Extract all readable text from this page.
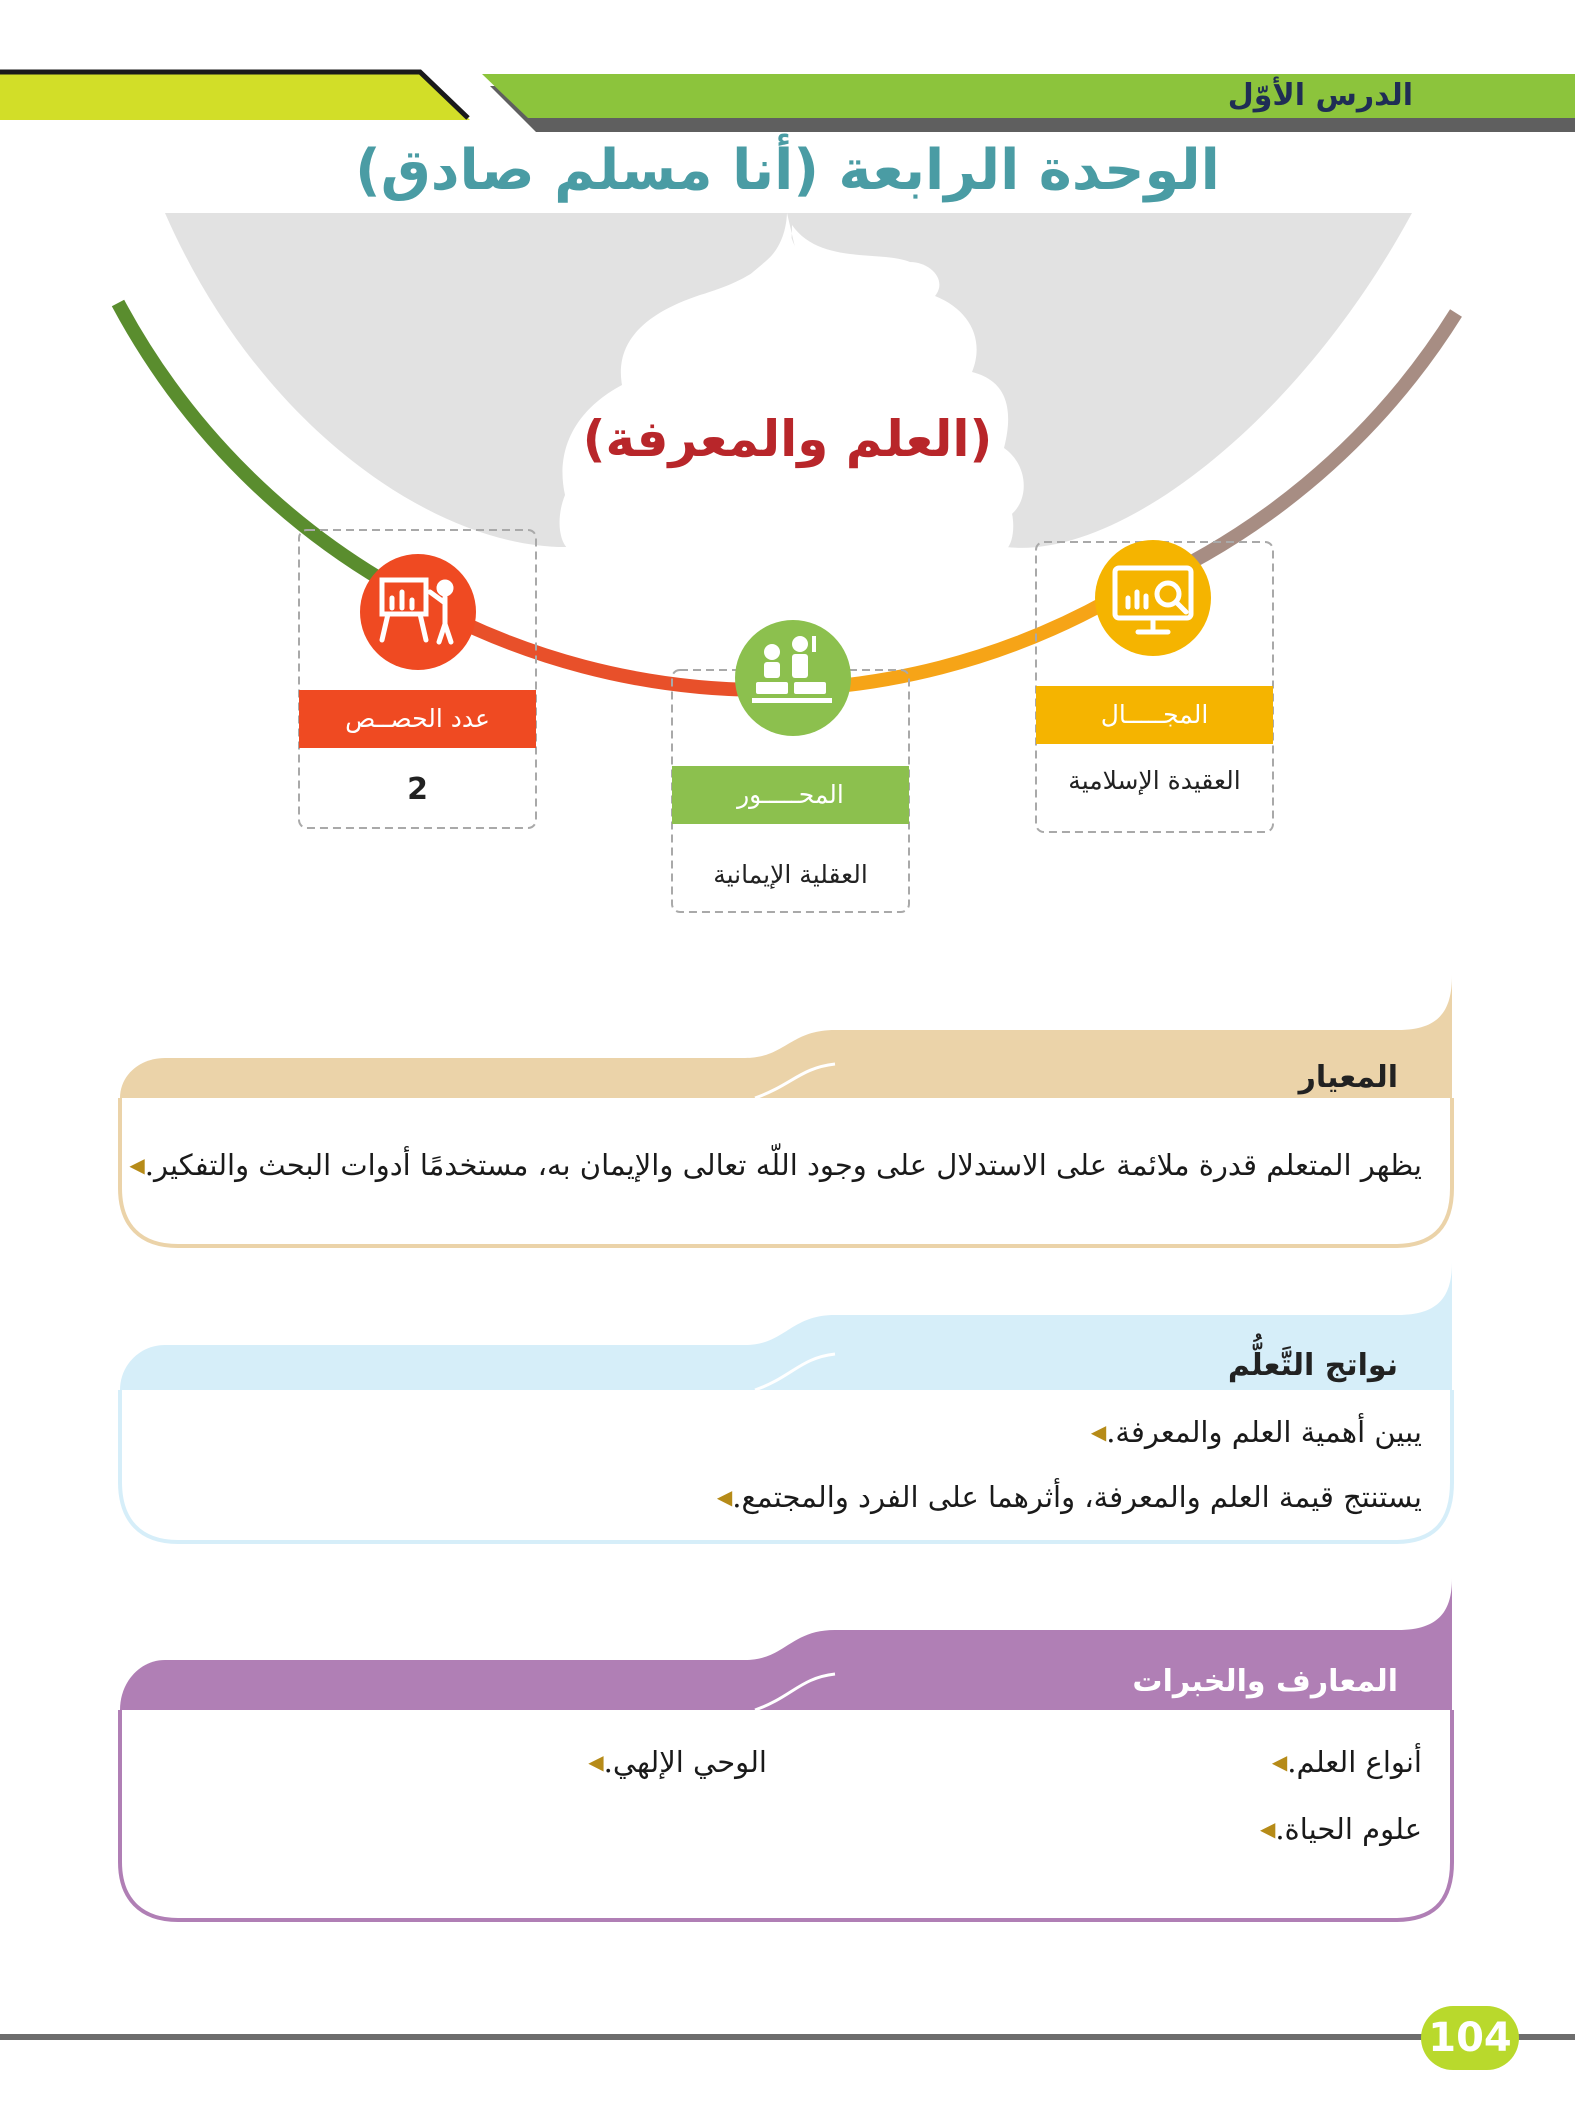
الدرس الأوّل
الوحدة الرابعة (أنا مسلم صادق)
(العلم والمعرفة)
عدد الحصــص
2	المحـــــور
العقلية الإيمانية
المجـــــال
العقيدة الإسلامية
المعيار
◀ يظهر المتعلم قدرة ملائمة على الاستدلال على وجود اللّه تعالى والإيمان به، مستخدمًا أدوات البحث والتفكير.
نواتج التَّعلُّم
◀ يبين أهمية العلم والمعرفة.
◀ يستنتج قيمة العلم والمعرفة، وأثرهما على الفرد والمجتمع.
المعارف والخبرات
◀ أنواع العلم.
◀ علوم الحياة.
◀ الوحي الإلهي.
104
